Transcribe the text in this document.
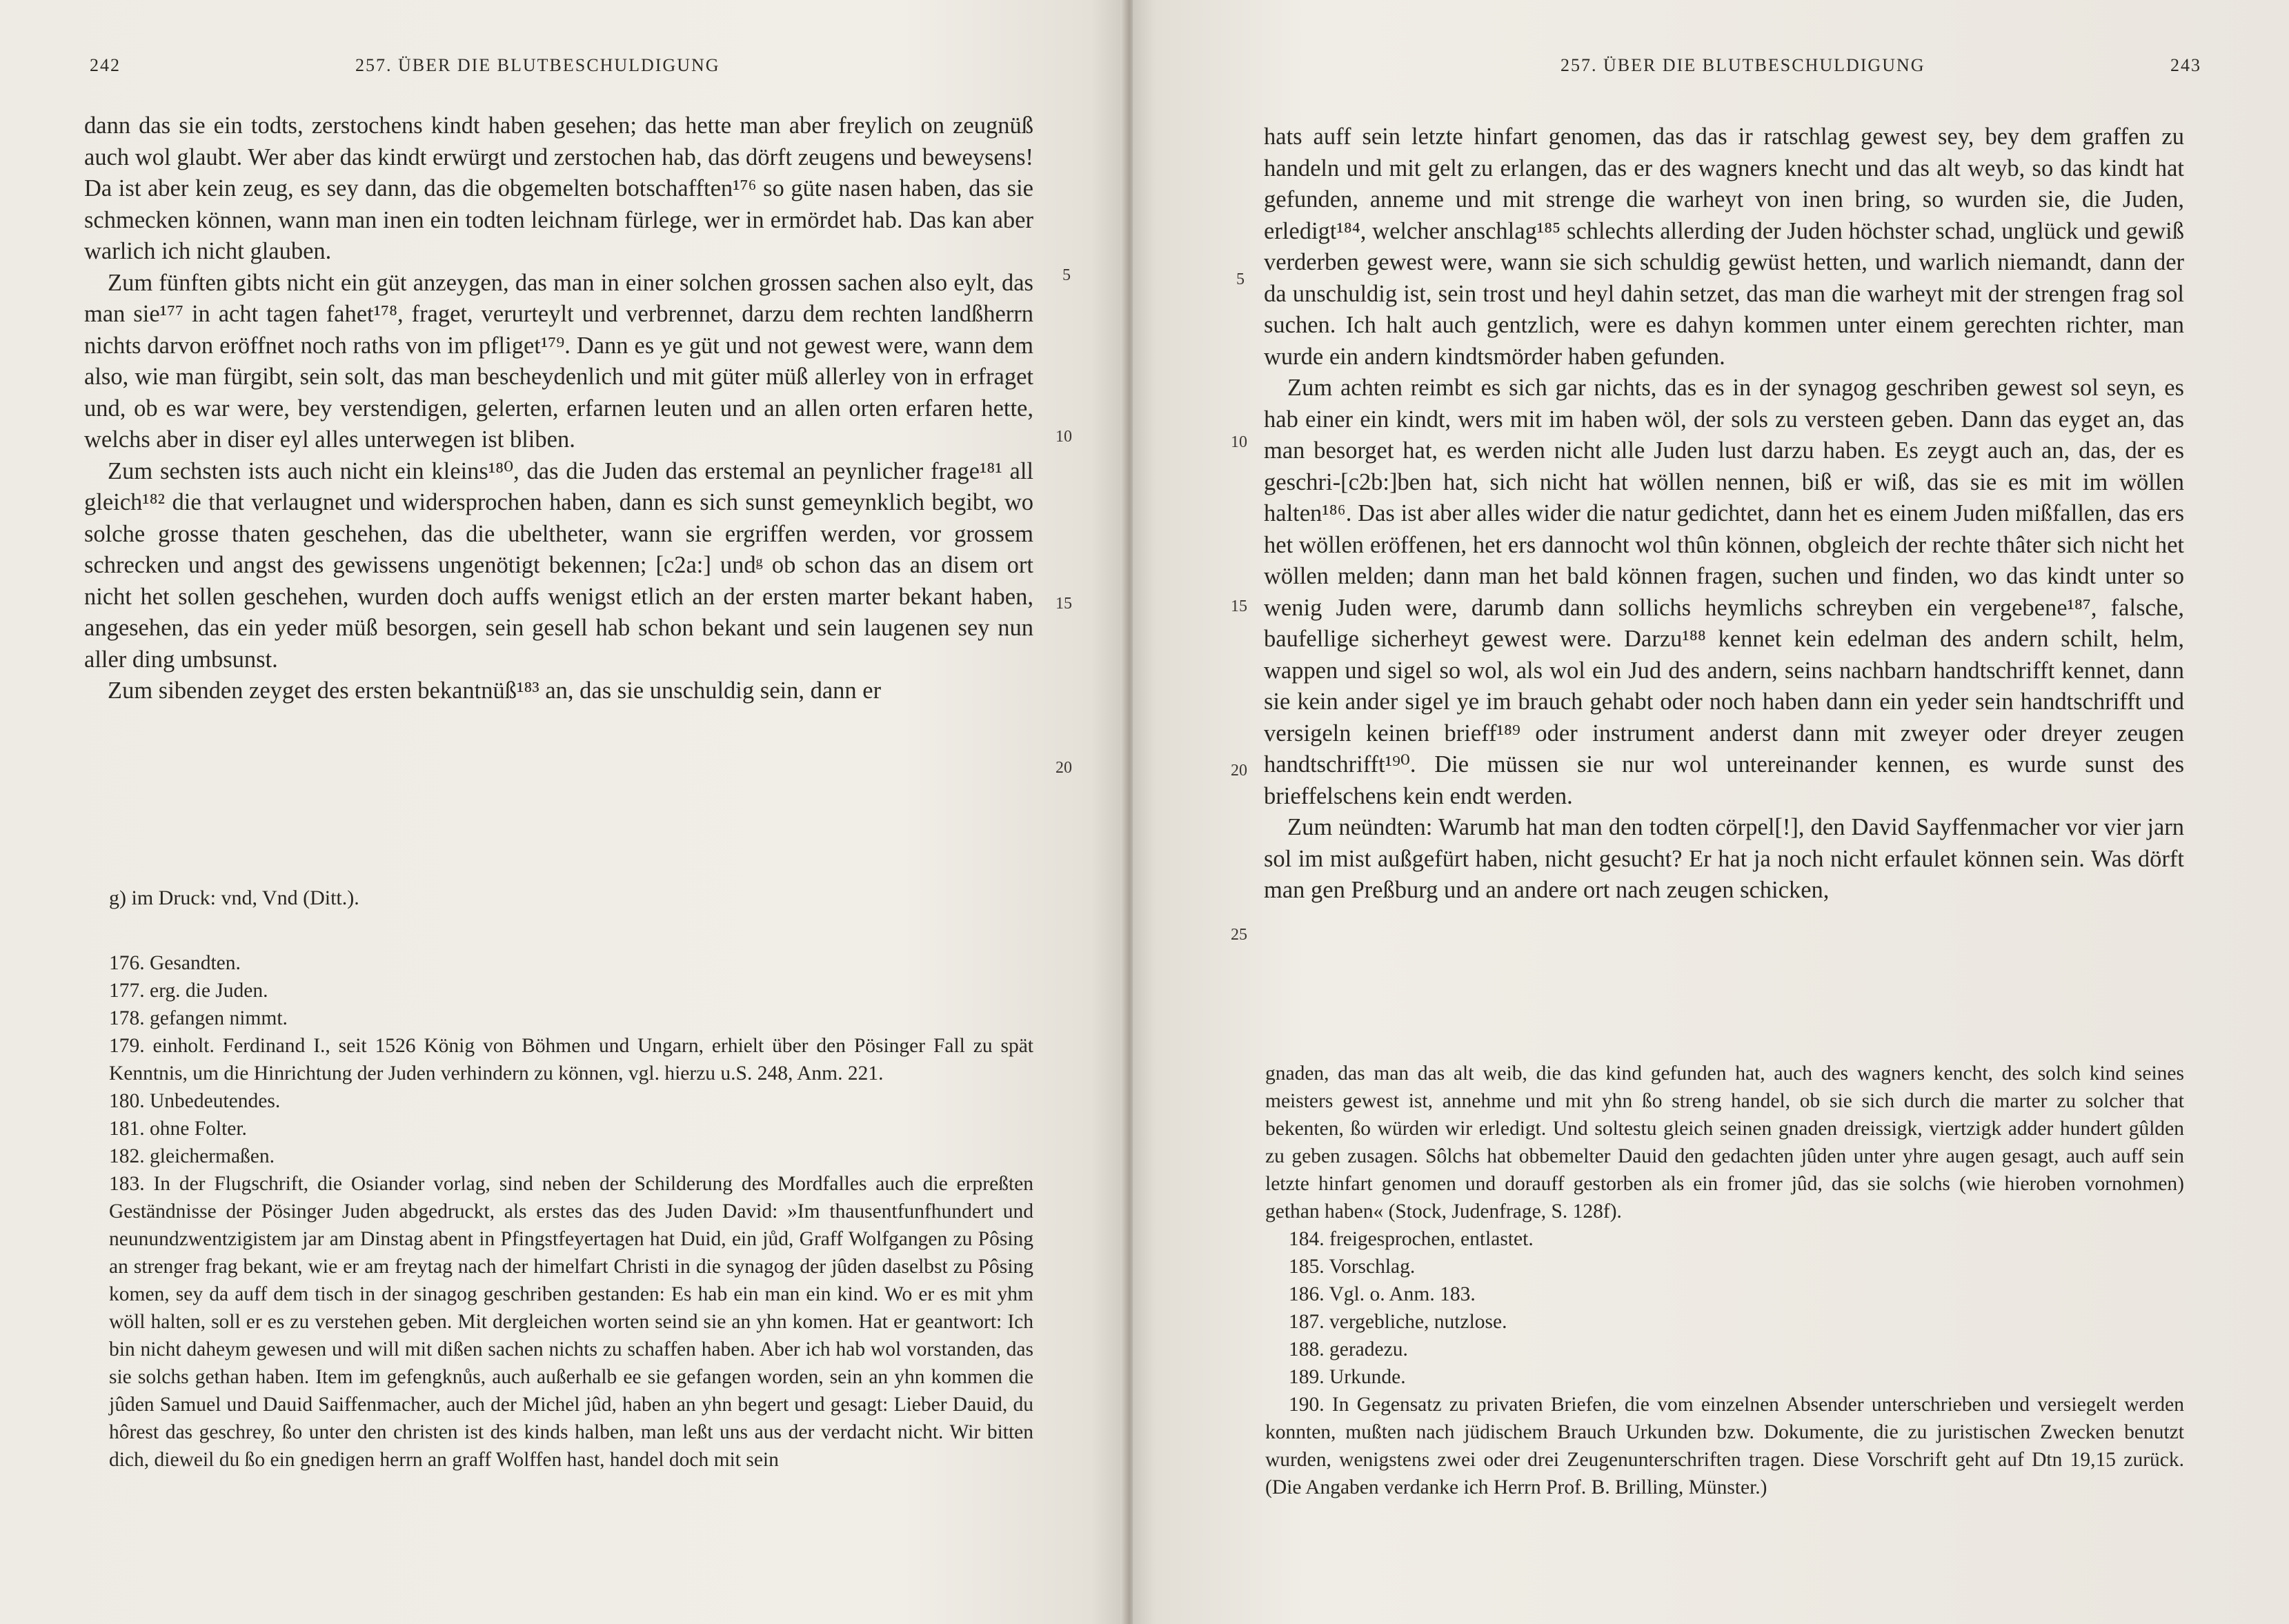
242	257. ÜBER DIE BLUTBESCHULDIGUNG

dann das sie ein todts, zerstochens kindt haben gesehen; das hette man aber freylich on zeugnüß auch wol glaubt. Wer aber das kindt erwürgt und zerstochen hab, das dörft zeugens und beweysens! Da ist aber kein zeug, es sey dann, das die obgemelten botschafften¹⁷⁶ so güte nasen haben, das sie schmecken können, wann man inen ein todten leichnam fürlege, wer in ermördet hab. Das kan aber warlich ich nicht glauben.

Zum fünften gibts nicht ein güt anzeygen, das man in einer solchen grossen sachen also eylt, das man sie¹⁷⁷ in acht tagen fahet¹⁷⁸, fraget, verurteylt und verbrennet, darzu dem rechten landßherrn nichts darvon eröffnet noch raths von im pfliget¹⁷⁹. Dann es ye güt und not gewest were, wann dem also, wie man fürgibt, sein solt, das man bescheydenlich und mit güter müß allerley von in erfraget und, ob es war were, bey verstendigen, gelerten, erfarnen leuten und an allen orten erfaren hette, welchs aber in diser eyl alles unterwegen ist bliben.

Zum sechsten ists auch nicht ein kleins¹⁸⁰, das die Juden das erstemal an peynlicher frage¹⁸¹ all gleich¹⁸² die that verlaugnet und widersprochen haben, dann es sich sunst gemeynklich begibt, wo solche grosse thaten geschehen, das die ubeltheter, wann sie ergriffen werden, vor grossem schrecken und angst des gewissens ungenötigt bekennen; [c2a:] undᵍ ob schon das an disem ort nicht het sollen geschehen, wurden doch auffs wenigst etlich an der ersten marter bekant haben, angesehen, das ein yeder müß besorgen, sein gesell hab schon bekant und sein laugenen sey nun aller ding umbsunst.

Zum sibenden zeyget des ersten bekantnüß¹⁸³ an, das sie unschuldig sein, dann er

5
10
15
20
g) im Druck: vnd, Vnd (Ditt.).

176. Gesandten.

177. erg. die Juden.

178. gefangen nimmt.

179. einholt. Ferdinand I., seit 1526 König von Böhmen und Ungarn, erhielt über den Pösinger Fall zu spät Kenntnis, um die Hinrichtung der Juden verhindern zu können, vgl. hierzu u.S. 248, Anm. 221.

180. Unbedeutendes.

181. ohne Folter.

182. gleichermaßen.

183. In der Flugschrift, die Osiander vorlag, sind neben der Schilderung des Mordfalles auch die erpreßten Geständnisse der Pösinger Juden abgedruckt, als erstes das des Juden David: »Im thausentfunfhundert und neunundzwentzigistem jar am Dinstag abent in Pfingstfeyertagen hat Duid, ein jůd, Graff Wolfgangen zu Pôsing an strenger frag bekant, wie er am freytag nach der himelfart Christi in die synagog der jûden daselbst zu Pôsing komen, sey da auff dem tisch in der sinagog geschriben gestanden: Es hab ein man ein kind. Wo er es mit yhm wöll halten, soll er es zu verstehen geben. Mit dergleichen worten seind sie an yhn komen. Hat er geantwort: Ich bin nicht daheym gewesen und will mit dißen sachen nichts zu schaffen haben. Aber ich hab wol vorstanden, das sie solchs gethan haben. Item im gefengknůs, auch außerhalb ee sie gefangen worden, sein an yhn kommen die jûden Samuel und Dauid Saiffenmacher, auch der Michel jûd, haben an yhn begert und gesagt: Lieber Dauid, du hôrest das geschrey, ßo unter den christen ist des kinds halben, man leßt uns aus der verdacht nicht. Wir bitten dich, dieweil du ßo ein gnedigen herrn an graff Wolffen hast, handel doch mit sein

257. ÜBER DIE BLUTBESCHULDIGUNG	243

hats auff sein letzte hinfart genomen, das das ir ratschlag gewest sey, bey dem graffen zu handeln und mit gelt zu erlangen, das er des wagners knecht und das alt weyb, so das kindt hat gefunden, anneme und mit strenge die warheyt von inen bring, so wurden sie, die Juden, erledigt¹⁸⁴, welcher anschlag¹⁸⁵ schlechts allerding der Juden höchster schad, unglück und gewiß verderben gewest were, wann sie sich schuldig gewüst hetten, und warlich niemandt, dann der da unschuldig ist, sein trost und heyl dahin setzet, das man die warheyt mit der strengen frag sol suchen. Ich halt auch gentzlich, were es dahyn kommen unter einem gerechten richter, man wurde ein andern kindtsmörder haben gefunden.

Zum achten reimbt es sich gar nichts, das es in der synagog geschriben gewest sol seyn, es hab einer ein kindt, wers mit im haben wöl, der sols zu versteen geben. Dann das eyget an, das man besorget hat, es werden nicht alle Juden lust darzu haben. Es zeygt auch an, das, der es geschri-[c2b:]ben hat, sich nicht hat wöllen nennen, biß er wiß, das sie es mit im wöllen halten¹⁸⁶. Das ist aber alles wider die natur gedichtet, dann het es einem Juden mißfallen, das ers het wöllen eröffenen, het ers dannocht wol thûn können, obgleich der rechte thâter sich nicht het wöllen melden; dann man het bald können fragen, suchen und finden, wo das kindt unter so wenig Juden were, darumb dann sollichs heymlichs schreyben ein vergebene¹⁸⁷, falsche, baufellige sicherheyt gewest were. Darzu¹⁸⁸ kennet kein edelman des andern schilt, helm, wappen und sigel so wol, als wol ein Jud des andern, seins nachbarn handtschrifft kennet, dann sie kein ander sigel ye im brauch gehabt oder noch haben dann ein yeder sein handtschrifft und versigeln keinen brieff¹⁸⁹ oder instrument anderst dann mit zweyer oder dreyer zeugen handtschrifft¹⁹⁰. Die müssen sie nur wol untereinander kennen, es wurde sunst des brieffelschens kein endt werden.

Zum neündten: Warumb hat man den todten cörpel[!], den David Sayffenmacher vor vier jarn sol im mist außgefürt haben, nicht gesucht? Er hat ja noch nicht erfaulet können sein. Was dörft man gen Preßburg und an andere ort nach zeugen schicken,

5
10
15
20
25

gnaden, das man das alt weib, die das kind gefunden hat, auch des wagners kencht, des solch kind seines meisters gewest ist, annehme und mit yhn ßo streng handel, ob sie sich durch die marter zu solcher that bekenten, ßo würden wir erledigt. Und soltestu gleich seinen gnaden dreissigk, viertzigk adder hundert gûlden zu geben zusagen. Sôlchs hat obbemelter Dauid den gedachten jûden unter yhre augen gesagt, auch auff sein letzte hinfart genomen und dorauff gestorben als ein fromer jûd, das sie solchs (wie hieroben vornohmen) gethan haben« (Stock, Judenfrage, S. 128f).

184. freigesprochen, entlastet.

185. Vorschlag.

186. Vgl. o. Anm. 183.

187. vergebliche, nutzlose.

188. geradezu.

189. Urkunde.

190. In Gegensatz zu privaten Briefen, die vom einzelnen Absender unterschrieben und versiegelt werden konnten, mußten nach jüdischem Brauch Urkunden bzw. Dokumente, die zu juristischen Zwecken benutzt wurden, wenigstens zwei oder drei Zeugenunterschriften tragen. Diese Vorschrift geht auf Dtn 19,15 zurück. (Die Angaben verdanke ich Herrn Prof. B. Brilling, Münster.)
